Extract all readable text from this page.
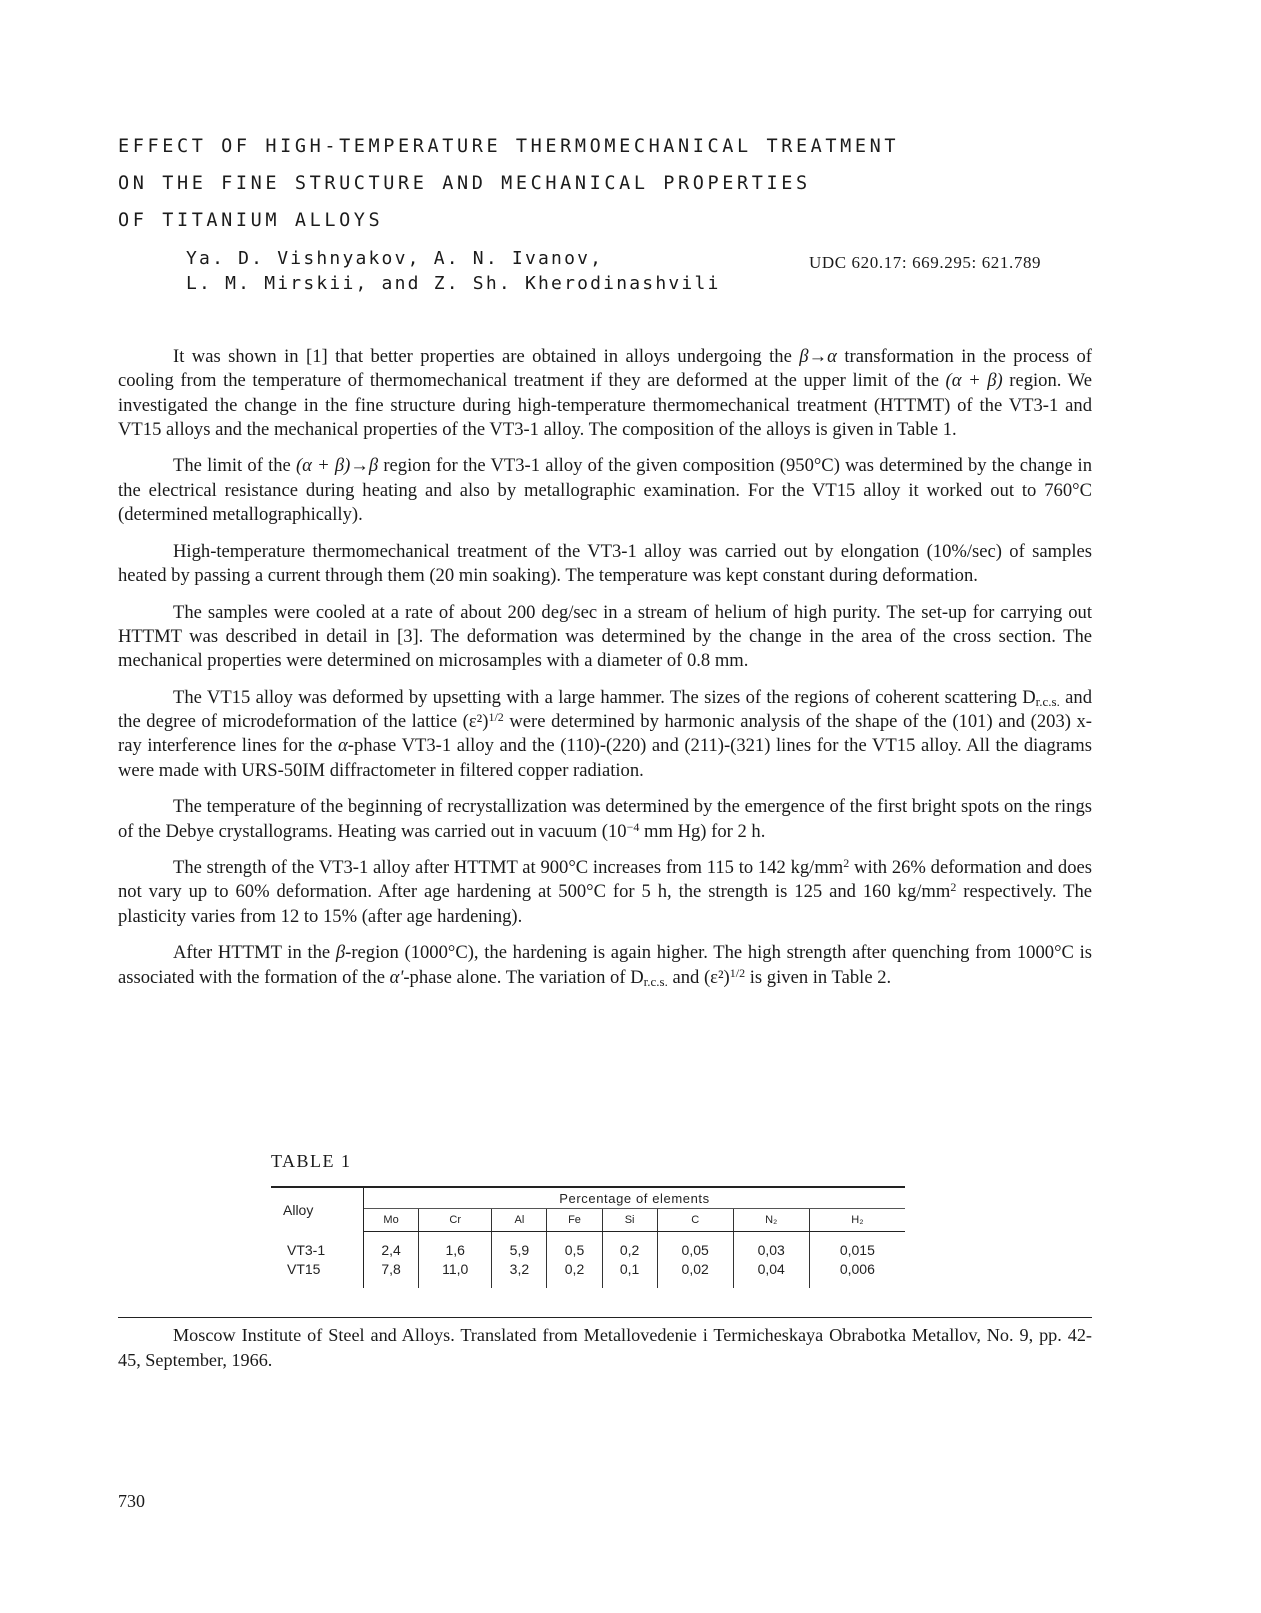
EFFECT OF HIGH-TEMPERATURE THERMOMECHANICAL TREATMENT
ON THE FINE STRUCTURE AND MECHANICAL PROPERTIES
OF TITANIUM ALLOYS
Ya. D. Vishnyakov, A. N. Ivanov,
L. M. Mirskii, and Z. Sh. Kherodinashvili
UDC 620.17: 669.295: 621.789

It was shown in [1] that better properties are obtained in alloys undergoing the β→α transformation in the process of cooling from the temperature of thermomechanical treatment if they are deformed at the upper limit of the (α + β) region. We investigated the change in the fine structure during high-temperature thermomechanical treatment (HTTMT) of the VT3-1 and VT15 alloys and the mechanical properties of the VT3-1 alloy. The composition of the alloys is given in Table 1.

The limit of the (α + β)→β region for the VT3-1 alloy of the given composition (950°C) was determined by the change in the electrical resistance during heating and also by metallographic examination. For the VT15 alloy it worked out to 760°C (determined metallographically).

High-temperature thermomechanical treatment of the VT3-1 alloy was carried out by elongation (10%/sec) of samples heated by passing a current through them (20 min soaking). The temperature was kept constant during deformation.

The samples were cooled at a rate of about 200 deg/sec in a stream of helium of high purity. The set-up for carrying out HTTMT was described in detail in [3]. The deformation was determined by the change in the area of the cross section. The mechanical properties were determined on microsamples with a diameter of 0.8 mm.

The VT15 alloy was deformed by upsetting with a large hammer. The sizes of the regions of coherent scattering $D_{r.c.s.}$ and the degree of microdeformation of the lattice $(\varepsilon^2)^{1/2}$ were determined by harmonic analysis of the shape of the (101) and (203) x-ray interference lines for the α-phase VT3-1 alloy and the (110)-(220) and (211)-(321) lines for the VT15 alloy. All the diagrams were made with URS-50IM diffractometer in filtered copper radiation.

The temperature of the beginning of recrystallization was determined by the emergence of the first bright spots on the rings of the Debye crystallograms. Heating was carried out in vacuum ($10^{-4}$ mm Hg) for 2 h.

The strength of the VT3-1 alloy after HTTMT at 900°C increases from 115 to 142 $kg/mm^2$ with 26% deformation and does not vary up to 60% deformation. After age hardening at 500°C for 5 h, the strength is 125 and 160 $kg/mm^2$ respectively. The plasticity varies from 12 to 15% (after age hardening).

After HTTMT in the β-region (1000°C), the hardening is again higher. The high strength after quenching from 1000°C is associated with the formation of the α'-phase alone. The variation of $D_{r.c.s.}$ and $(\varepsilon^2)^{1/2}$ is given in Table 2.

TABLE 1
Alloy	Percentage of elements							
	Mo	Cr	Al	Fe	Si	C	N₂	H₂

VT3-1	2,4	1,6	5,9	0,5	0,2	0,05	0,03	0,015
VT15	7,8	11,0	3,2	0,2	0,1	0,02	0,04	0,006

Moscow Institute of Steel and Alloys. Translated from Metallovedenie i Termicheskaya Obrabotka Metallov, No. 9, pp. 42-45, September, 1966.

730
